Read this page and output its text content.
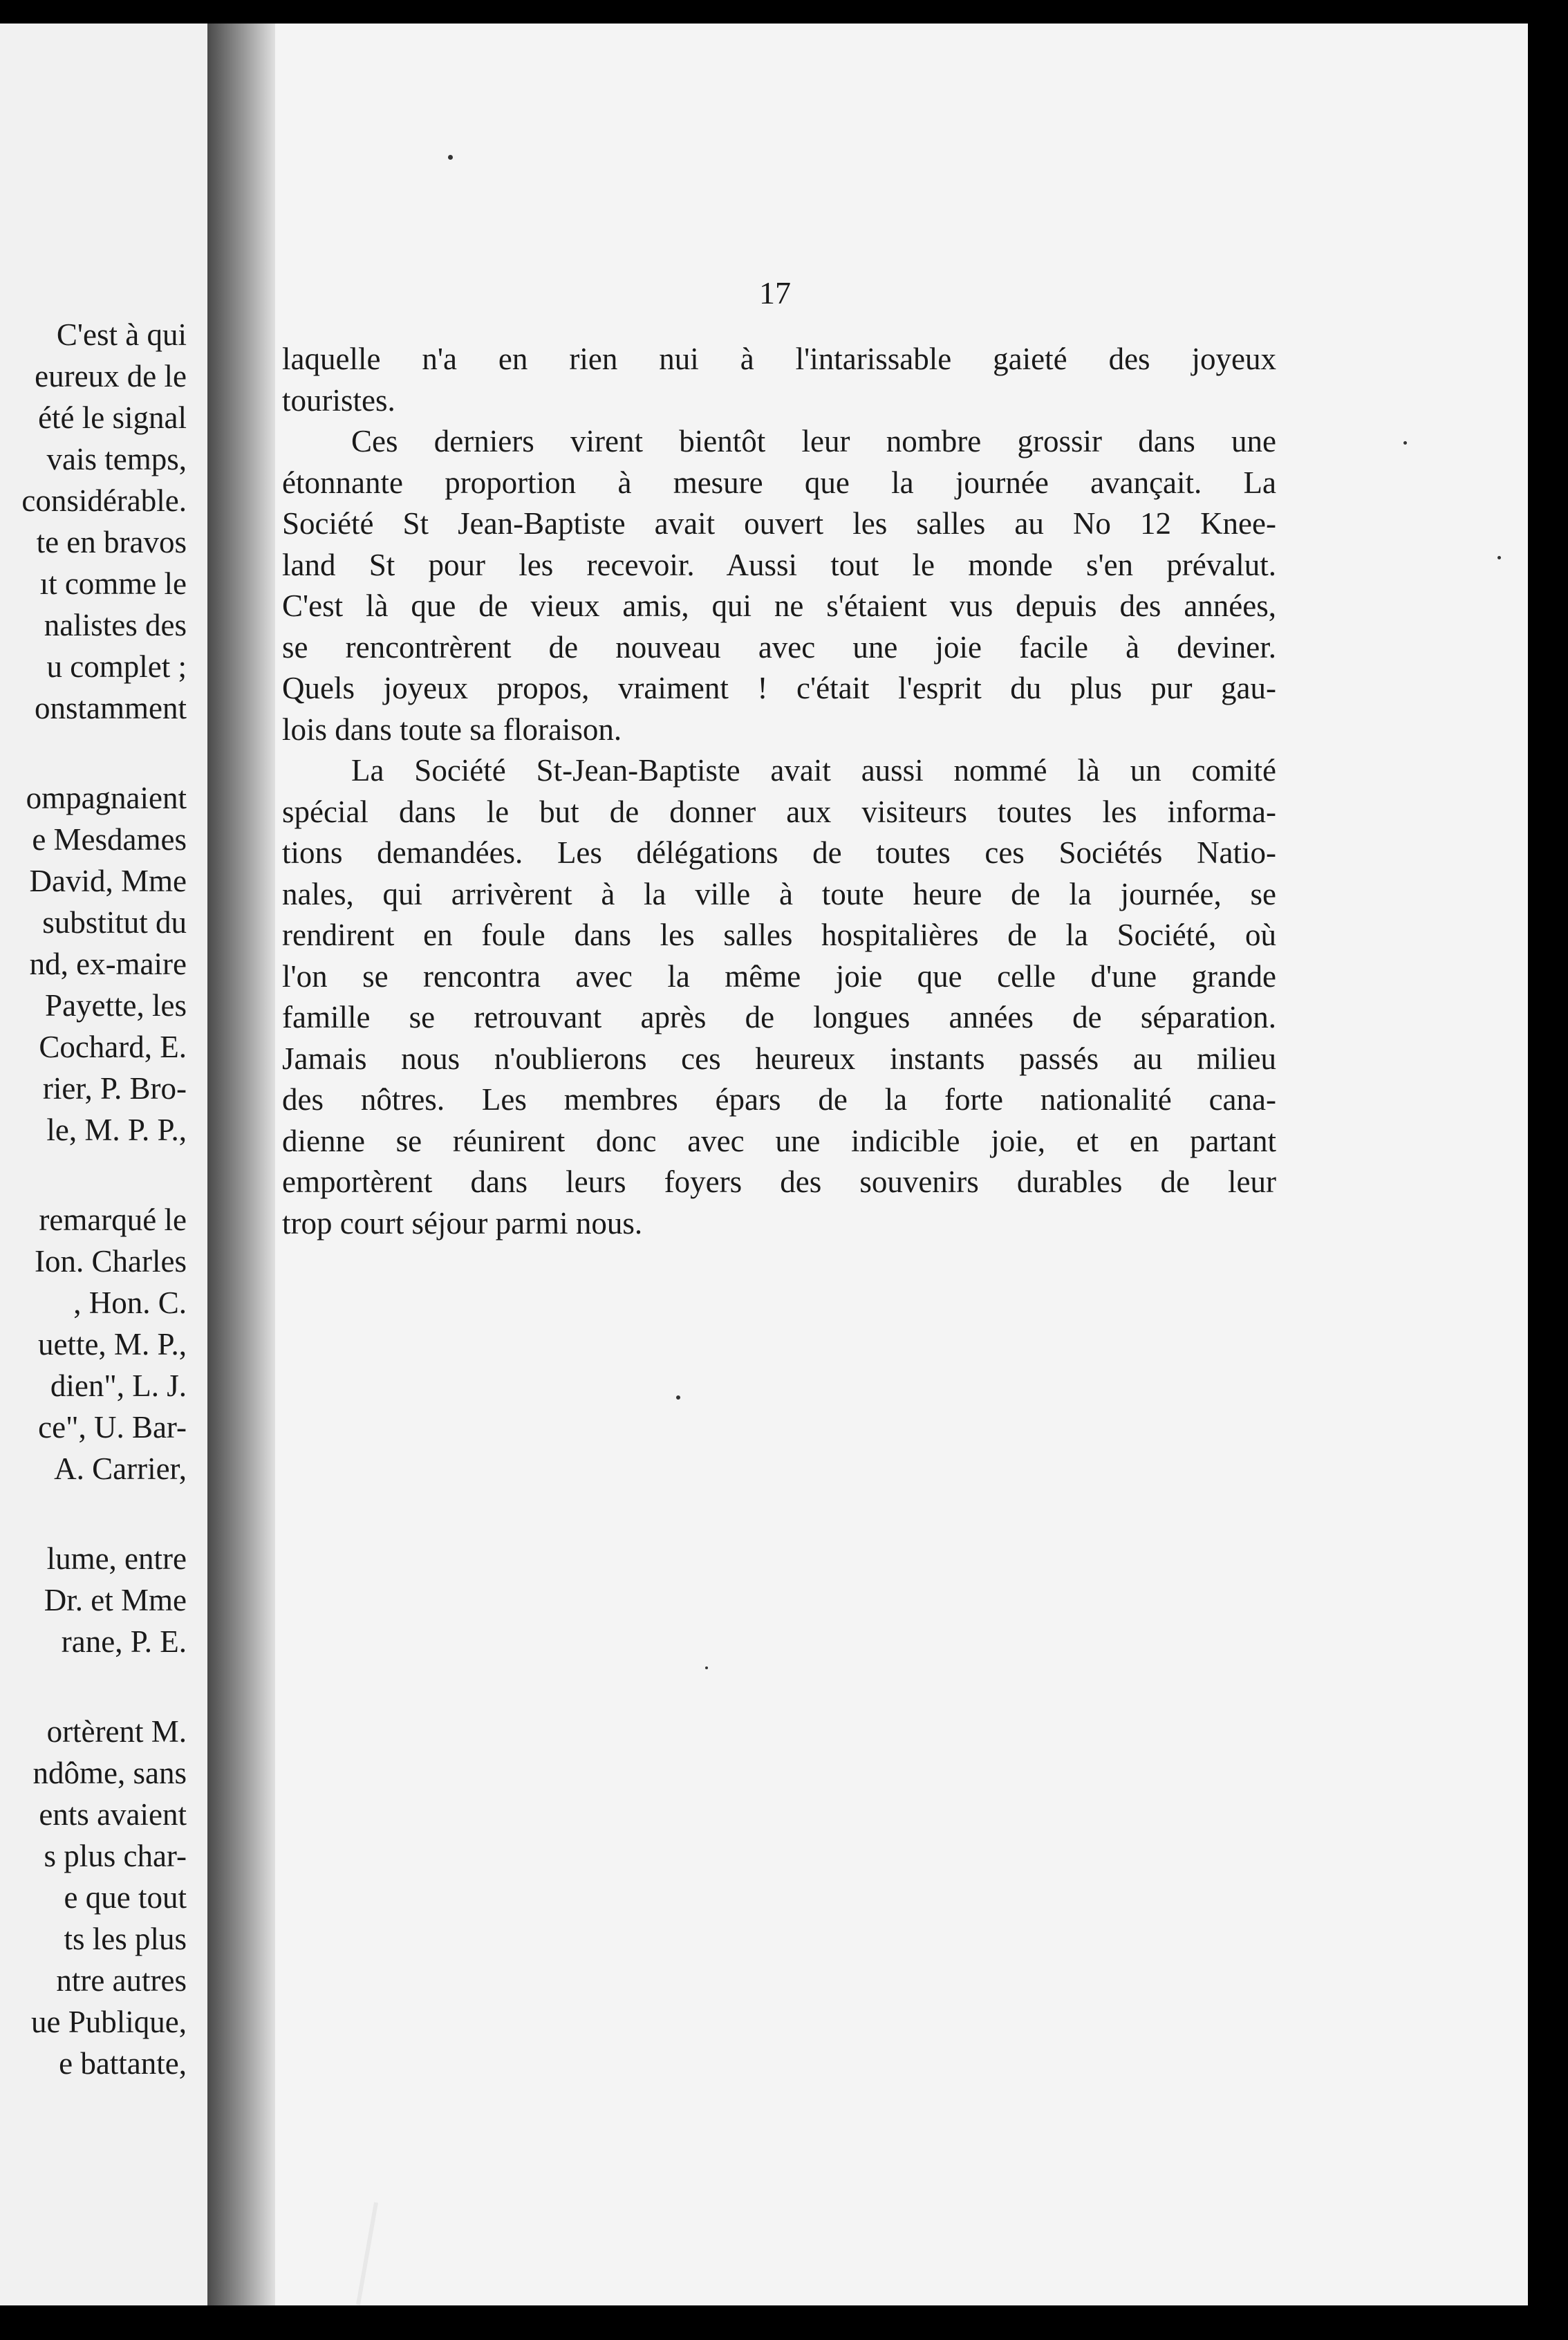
C'est à qui
eureux de le
été le signal
vais temps,
considérable.
te en bravos
ıt comme le
nalistes des
u complet ;
onstamment
ompagnaient
e Mesdames
David, Mme
substitut du
nd, ex-maire
Payette, les
Cochard, E.
rier, P. Bro-
le, M. P. P.,
remarqué le
Ion. Charles
, Hon. C.
uette, M. P.,
dien", L. J.
ce", U. Bar-
A. Carrier,
lume, entre
Dr. et Mme
rane, P. E.
ortèrent M.
ndôme, sans
ents avaient
s plus char-
e que tout
ts les plus
ntre autres
ue Publique,
e battante,
17
laquelle n'a en rien nui à l'intarissable gaieté des joyeux
touristes.
Ces derniers virent bientôt leur nombre grossir dans une
étonnante proportion à mesure que la journée avançait. La
Société St Jean-Baptiste avait ouvert les salles au No 12 Knee-
land St pour les recevoir. Aussi tout le monde s'en prévalut.
C'est là que de vieux amis, qui ne s'étaient vus depuis des années,
se rencontrèrent de nouveau avec une joie facile à deviner.
Quels joyeux propos, vraiment ! c'était l'esprit du plus pur gau-
lois dans toute sa floraison.
La Société St-Jean-Baptiste avait aussi nommé là un comité
spécial dans le but de donner aux visiteurs toutes les informa-
tions demandées. Les délégations de toutes ces Sociétés Natio-
nales, qui arrivèrent à la ville à toute heure de la journée, se
rendirent en foule dans les salles hospitalières de la Société, où
l'on se rencontra avec la même joie que celle d'une grande
famille se retrouvant après de longues années de séparation.
Jamais nous n'oublierons ces heureux instants passés au milieu
des nôtres. Les membres épars de la forte nationalité cana-
dienne se réunirent donc avec une indicible joie, et en partant
emportèrent dans leurs foyers des souvenirs durables de leur
trop court séjour parmi nous.
